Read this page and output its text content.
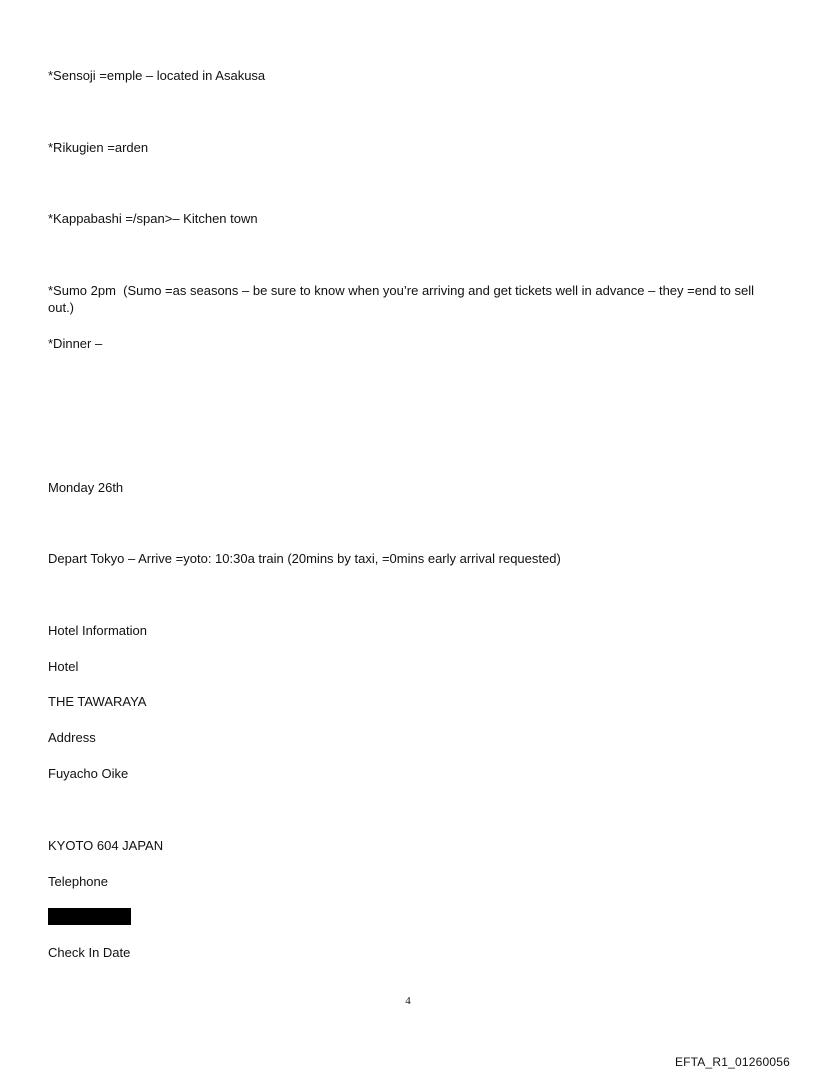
*Sensoji =emple – located in Asakusa

*Rikugien =arden

*Kappabashi =/span>– Kitchen town

*Sumo 2pm  (Sumo =as seasons – be sure to know when you’re arriving and get tickets well in advance – they =end to sell out.)

*Dinner –

Monday 26th

Depart Tokyo – Arrive =yoto: 10:30a train (20mins by taxi, =0mins early arrival requested)

Hotel Information

Hotel

THE TAWARAYA

Address

Fuyacho Oike

KYOTO 604 JAPAN

Telephone

Check In Date

4
EFTA_R1_01260056
